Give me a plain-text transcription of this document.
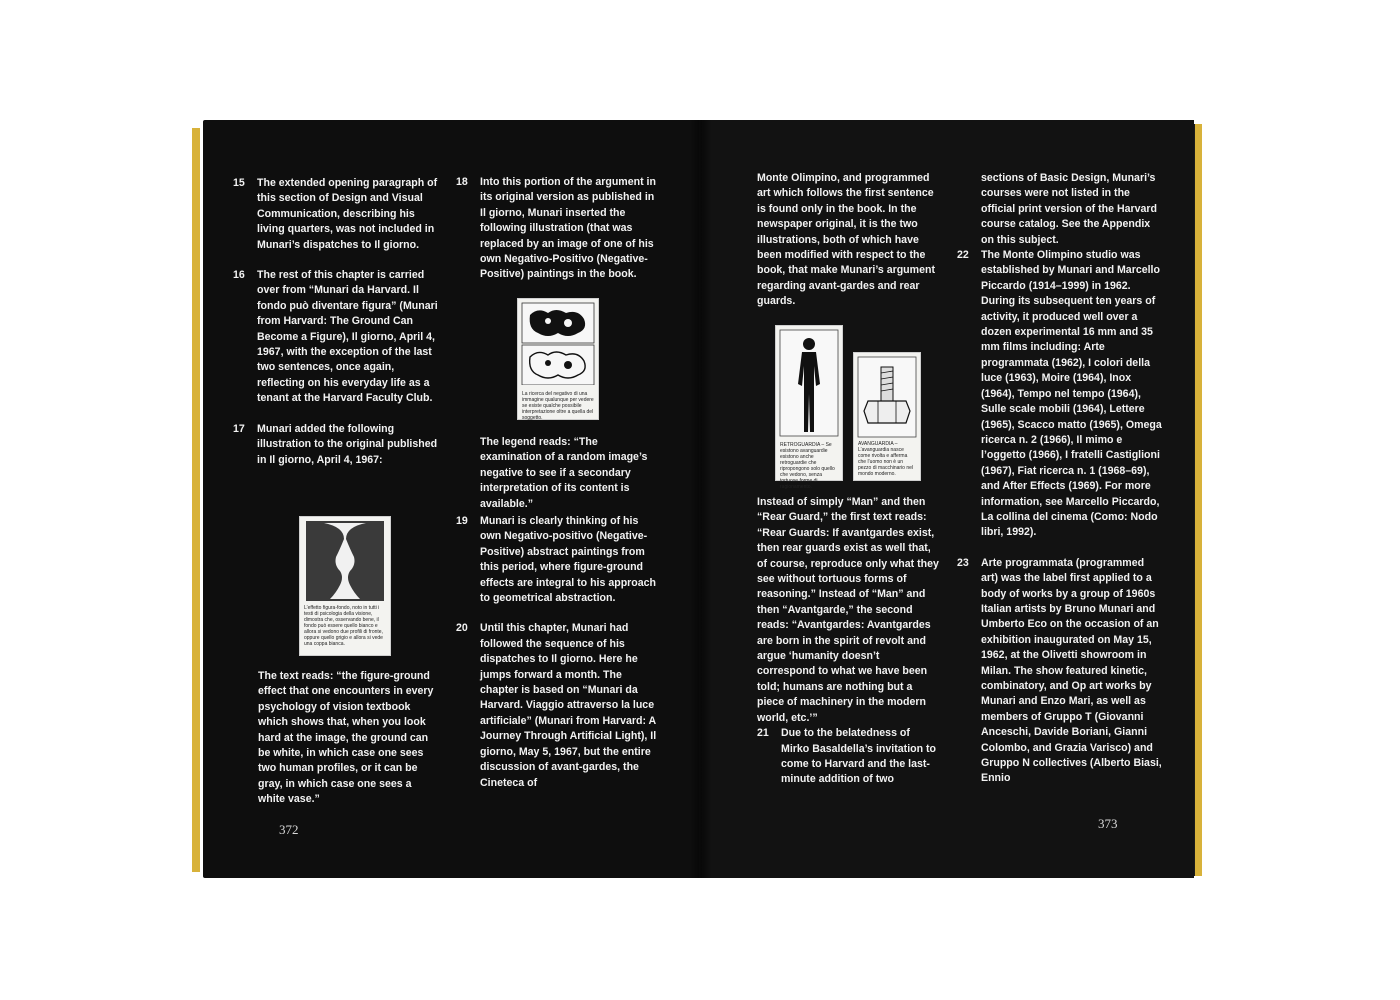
15 The extended opening paragraph of this section of Design and Visual Communication, describing his living quarters, was not included in Munari’s dispatches to Il giorno.
16 The rest of this chapter is carried over from “Munari da Harvard. Il fondo può diventare figura” (Munari from Harvard: The Ground Can Become a Figure), Il giorno, April 4, 1967, with the exception of the last two sentences, once again, reflecting on his everyday life as a tenant at the Harvard Faculty Club.
17 Munari added the following illustration to the original published in Il giorno, April 4, 1967:
L’effetto figura-fondo, noto in tutti i testi di psicologia della visione, dimostra che, osservando bene, il fondo può essere quello bianco e allora si vedono due profili di fronte, oppure quello grigio e allora si vede una coppa bianca.

The text reads: “the figure-ground effect that one encounters in every psychology of vision textbook which shows that, when you look hard at the image, the ground can be white, in which case one sees two human profiles, or it can be gray, in which case one sees a white vase.”

18 Into this portion of the argument in its original version as published in Il giorno, Munari inserted the following illustration (that was replaced by an image of one of his own Negativo-Positivo (Negative-Positive) paintings in the book.
La ricerca del negativo di una immagine qualunque per vedere se esiste qualche possibile interpretazione oltre a quella del soggetto.

The legend reads: “The examination of a random image’s negative to see if a secondary interpretation of its content is available.”

19 Munari is clearly thinking of his own Negativo-positivo (Negative-Positive) abstract paintings from this period, where figure-ground effects are integral to his approach to geometrical abstraction.
20 Until this chapter, Munari had followed the sequence of his dispatches to Il giorno. Here he jumps forward a month. The chapter is based on “Munari da Harvard. Viaggio attraverso la luce artificiale” (Munari from Harvard: A Journey Through Artificial Light), Il giorno, May 5, 1967, but the entire discussion of avant-gardes, the Cineteca of
372

Monte Olimpino, and programmed art which follows the first sentence is found only in the book. In the newspaper original, it is the two illustrations, both of which have been modified with respect to the book, that make Munari’s argument regarding avant-gardes and rear guards.

RETROGUARDIA – Se esistono avanguardie esistono anche retroguardie che ripropongono solo quello che vedono, senza tortuose forme di ragionamento.
AVANGUARDIA – L’avanguardia nasce come rivolta e afferma che l’uomo non è un pezzo di macchinario nel mondo moderno.

Instead of simply “Man” and then “Rear Guard,” the first text reads: “Rear Guards: If avantgardes exist, then rear guards exist as well that, of course, reproduce only what they see without tortuous forms of reasoning.” Instead of “Man” and then “Avantgarde,” the second reads: “Avantgardes: Avantgardes are born in the spirit of revolt and argue ‘humanity doesn’t correspond to what we have been told; humans are nothing but a piece of machinery in the modern world, etc.’”

21 Due to the belatedness of Mirko Basaldella’s invitation to come to Harvard and the last-minute addition of two

sections of Basic Design, Munari’s courses were not listed in the official print version of the Harvard course catalog. See the Appendix on this subject.

22 The Monte Olimpino studio was established by Munari and Marcello Piccardo (1914–1999) in 1962. During its subsequent ten years of activity, it produced well over a dozen experimental 16 mm and 35 mm films including: Arte programmata (1962), I colori della luce (1963), Moire (1964), Inox (1964), Tempo nel tempo (1964), Sulle scale mobili (1964), Lettere (1965), Scacco matto (1965), Omega ricerca n. 2 (1966), Il mimo e l’oggetto (1966), I fratelli Castiglioni (1967), Fiat ricerca n. 1 (1968–69), and After Effects (1969). For more information, see Marcello Piccardo, La collina del cinema (Como: Nodo libri, 1992).
23 Arte programmata (programmed art) was the label first applied to a body of works by a group of 1960s Italian artists by Bruno Munari and Umberto Eco on the occasion of an exhibition inaugurated on May 15, 1962, at the Olivetti showroom in Milan. The show featured kinetic, combinatory, and Op art works by Munari and Enzo Mari, as well as members of Gruppo T (Giovanni Anceschi, Davide Boriani, Gianni Colombo, and Grazia Varisco) and Gruppo N collectives (Alberto Biasi, Ennio
373
